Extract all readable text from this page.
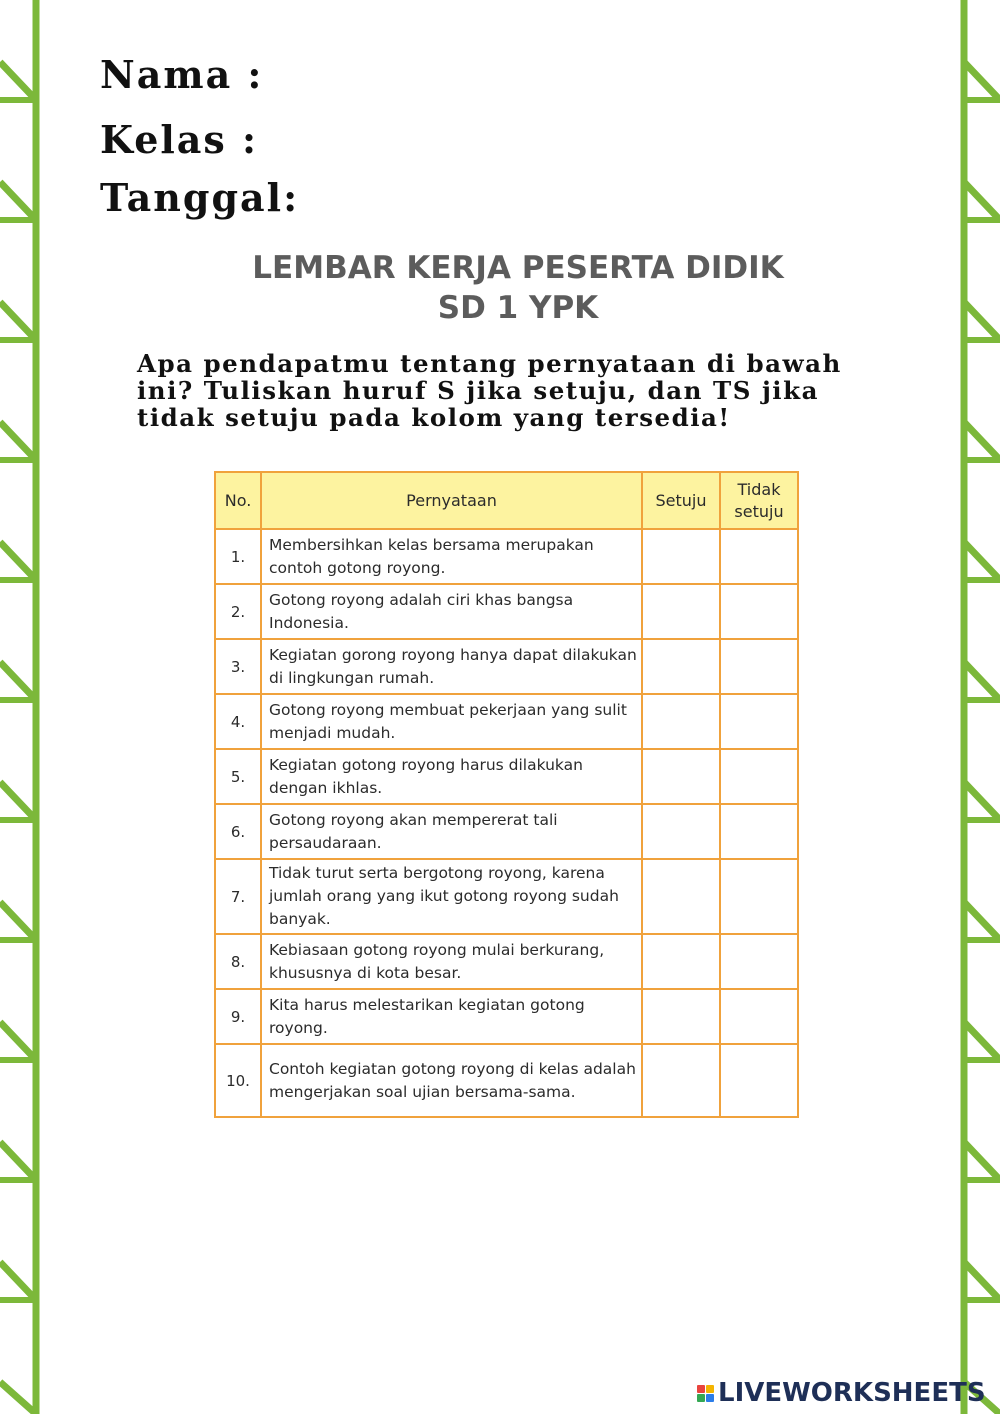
Nama :
Kelas :
Tanggal:
LEMBAR KERJA PESERTA DIDIK
SD 1 YPK
Apa pendapatmu tentang pernyataan di bawah ini? Tuliskan huruf S jika setuju, dan TS jika tidak setuju pada kolom yang tersedia!
No.	Pernyataan	Setuju	Tidak setuju
1.	Membersihkan kelas bersama merupakan contoh gotong royong.		
2.	Gotong royong adalah ciri khas bangsa Indonesia.		
3.	Kegiatan gorong royong hanya dapat dilakukan di lingkungan rumah.		
4.	Gotong royong membuat pekerjaan yang sulit menjadi mudah.		
5.	Kegiatan gotong royong harus dilakukan dengan ikhlas.		
6.	Gotong royong akan mempererat tali persaudaraan.		
7.	Tidak turut serta bergotong royong, karena jumlah orang yang ikut gotong royong sudah banyak.		
8.	Kebiasaan gotong royong mulai berkurang, khususnya di kota besar.		
9.	Kita harus melestarikan kegiatan gotong royong.		
10.	Contoh kegiatan gotong royong di kelas adalah mengerjakan soal ujian bersama-sama.		
LIVEWORKSHEETS
